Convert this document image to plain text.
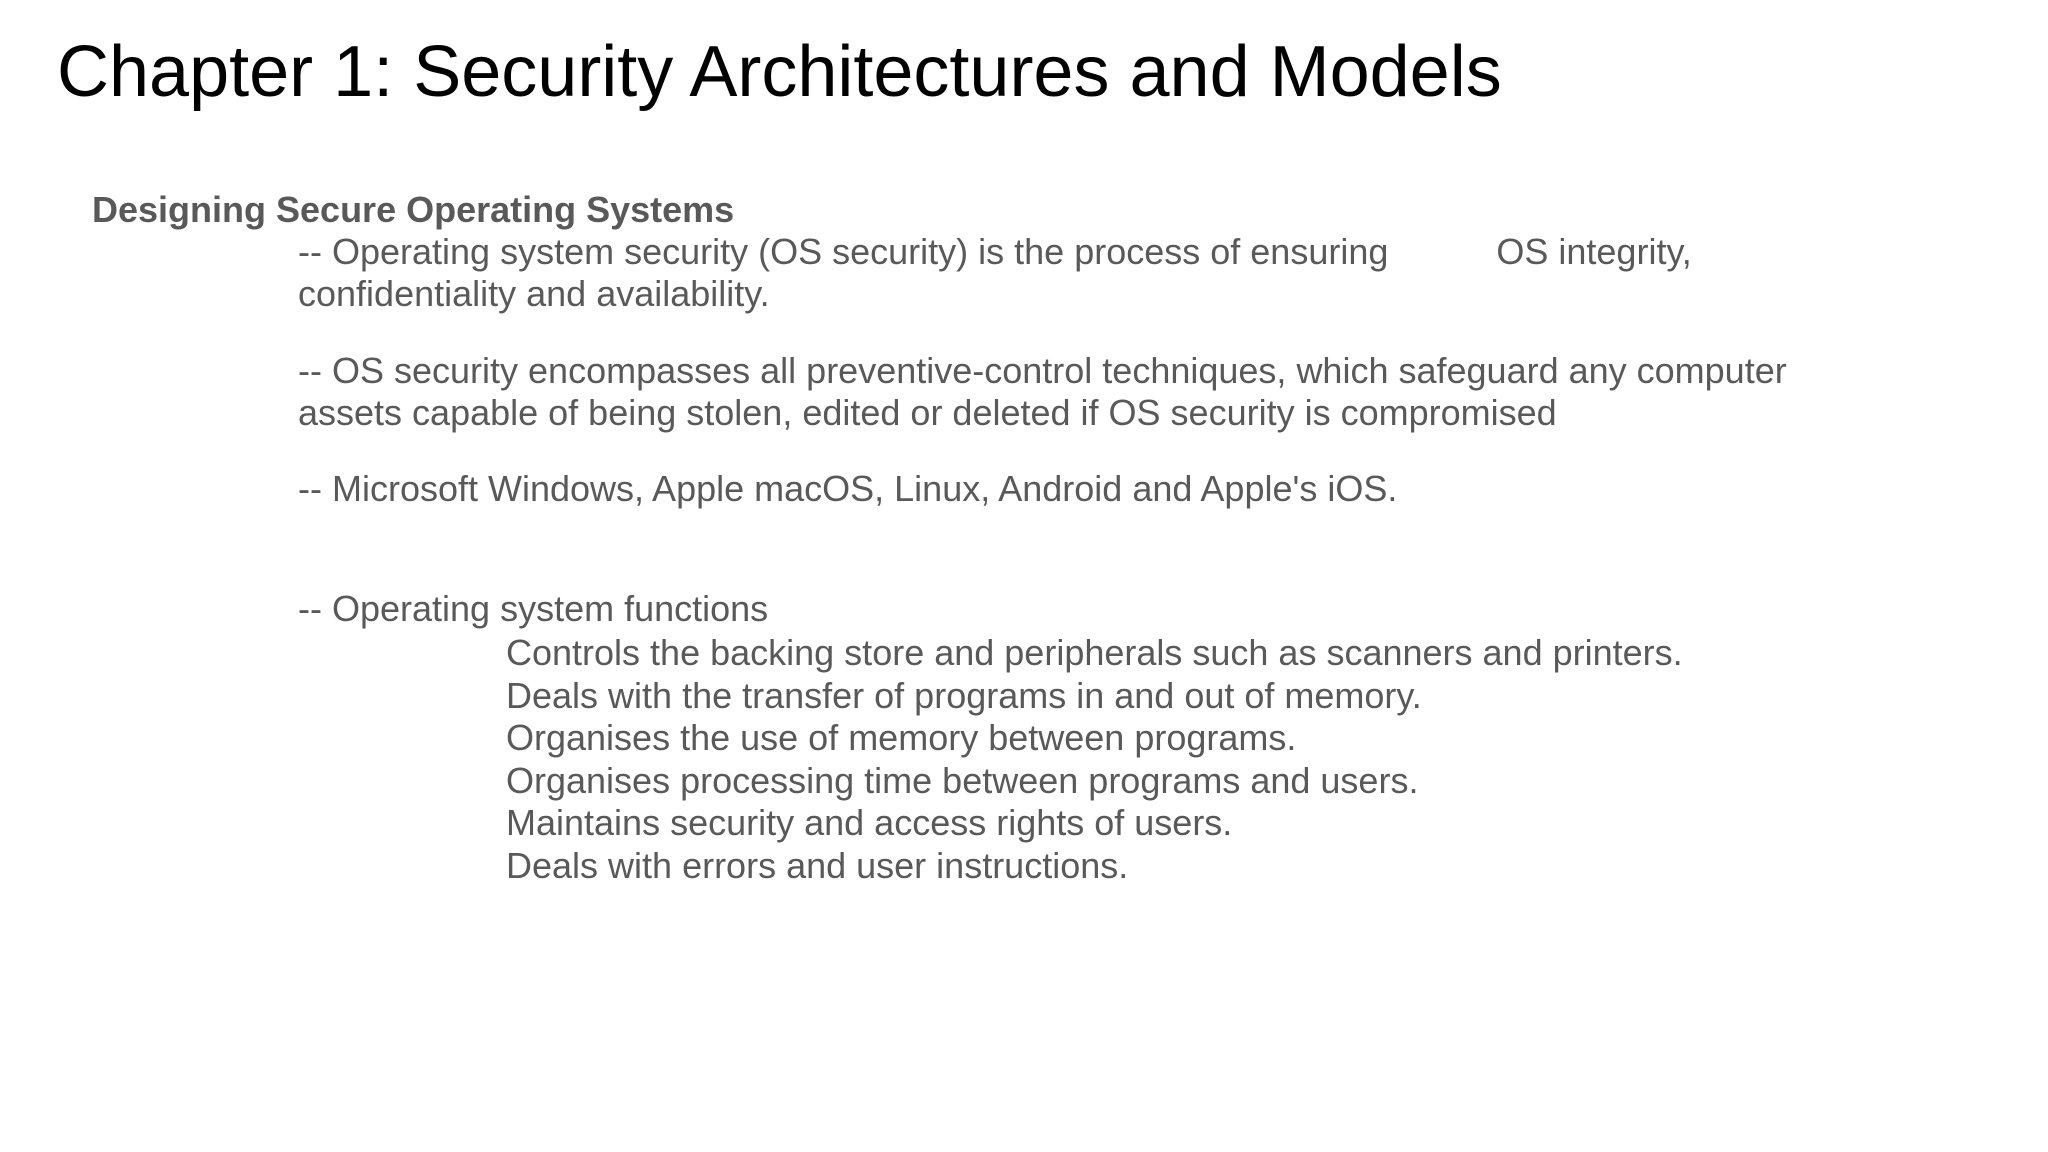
Chapter 1: Security Architectures and Models
Designing Secure Operating Systems
-- Operating system security (OS security) is the process of ensuring	OS integrity,
confidentiality and availability.
-- OS security encompasses all preventive-control techniques, which safeguard any computer
assets capable of being stolen, edited or deleted if OS security is compromised
-- Microsoft Windows, Apple macOS, Linux, Android and Apple's iOS.
-- Operating system functions
Controls the backing store and peripherals such as scanners and printers.
Deals with the transfer of programs in and out of memory.
Organises the use of memory between programs.
Organises processing time between programs and users.
Maintains security and access rights of users.
Deals with errors and user instructions.
